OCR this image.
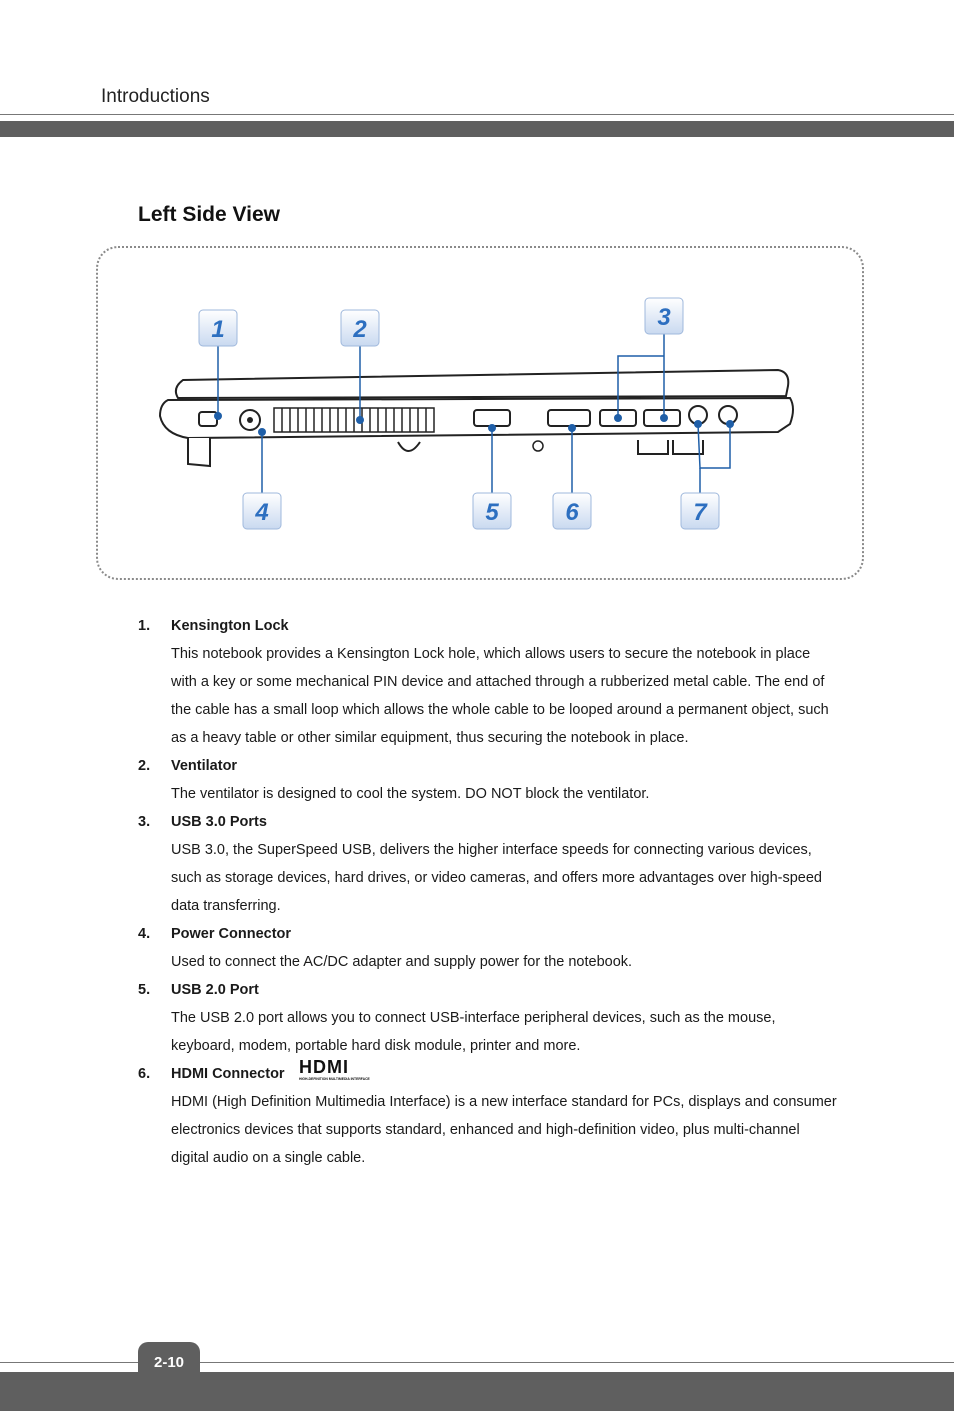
Introductions
Left Side View
1	2	3
4	5	6	7
1.	Kensington Lock
This notebook provides a Kensington Lock hole, which allows users to secure the notebook in place with a key or some mechanical PIN device and attached through a rubberized metal cable. The end of the cable has a small loop which allows the whole cable to be looped around a permanent object, such as a heavy table or other similar equipment, thus securing the notebook in place.
2.	Ventilator
The ventilator is designed to cool the system. DO NOT block the ventilator.
3.	USB 3.0 Ports
USB 3.0, the SuperSpeed USB, delivers the higher interface speeds for connecting various devices, such as storage devices, hard drives, or video cameras, and offers more advantages over high-speed data transferring.
4.	Power Connector
Used to connect the AC/DC adapter and supply power for the notebook.
5.	USB 2.0 Port
The USB 2.0 port allows you to connect USB-interface peripheral devices, such as the mouse, keyboard, modem, portable hard disk module, printer and more.
6.	HDMI Connector HDMI
HIGH-DEFINITION MULTIMEDIA INTERFACE
HDMI (High Definition Multimedia Interface) is a new interface standard for PCs, displays and consumer electronics devices that supports standard, enhanced and high-definition video, plus multi-channel digital audio on a single cable.
2-10
